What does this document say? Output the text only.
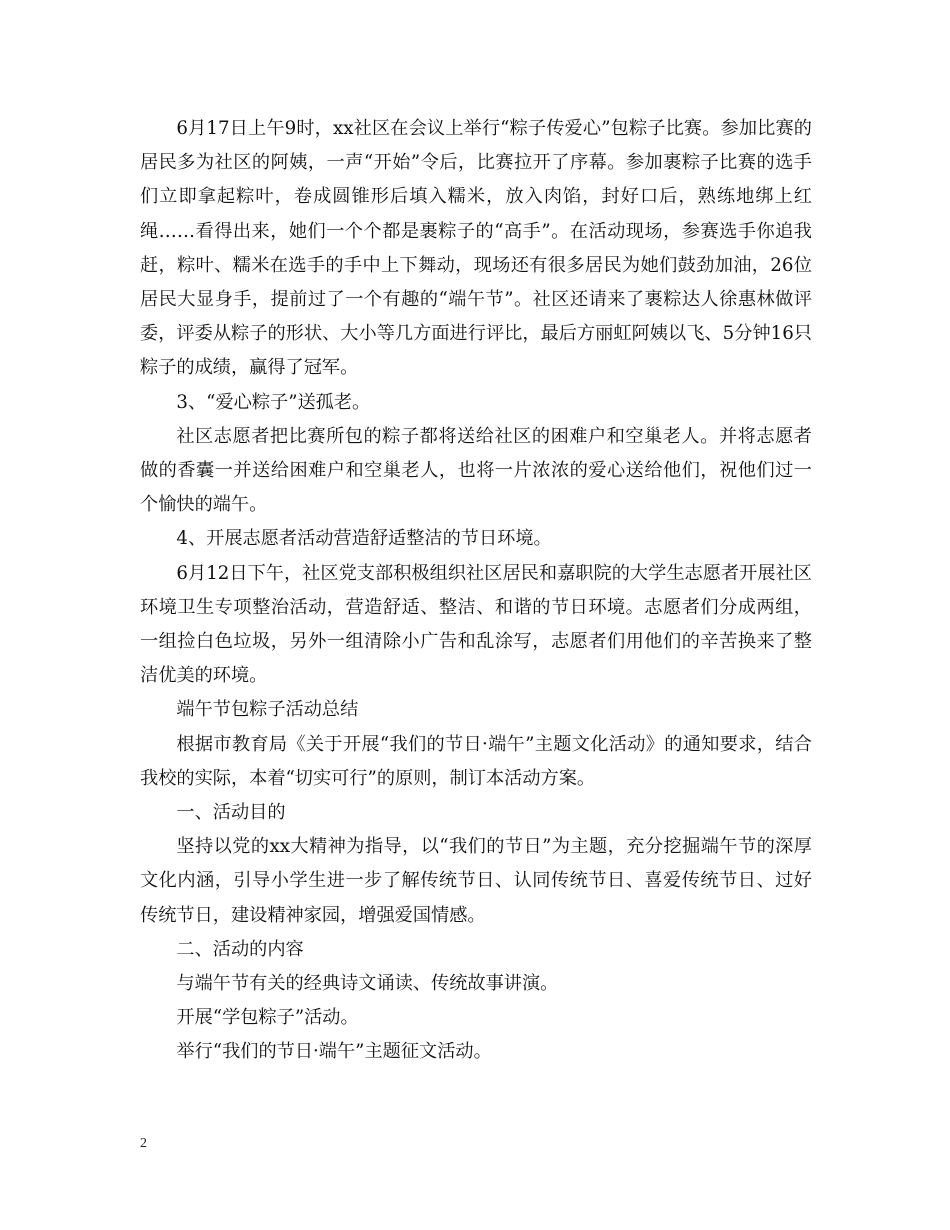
6月17日上午9时，xx社区在会议上举行“粽子传爱心”包粽子比赛。参加比赛的居民多为社区的阿姨，一声“开始”令后，比赛拉开了序幕。参加裹粽子比赛的选手们立即拿起粽叶，卷成圆锥形后填入糯米，放入肉馅，封好口后，熟练地绑上红绳……看得出来，她们一个个都是裹粽子的“高手”。在活动现场，参赛选手你追我赶，粽叶、糯米在选手的手中上下舞动，现场还有很多居民为她们鼓劲加油，26位居民大显身手，提前过了一个有趣的“端午节”。社区还请来了裹粽达人徐惠林做评委，评委从粽子的形状、大小等几方面进行评比，最后方丽虹阿姨以飞、5分钟16只粽子的成绩，赢得了冠军。

3、“爱心粽子”送孤老。

社区志愿者把比赛所包的粽子都将送给社区的困难户和空巢老人。并将志愿者做的香囊一并送给困难户和空巢老人，也将一片浓浓的爱心送给他们，祝他们过一个愉快的端午。

4、开展志愿者活动营造舒适整洁的节日环境。

6月12日下午，社区党支部积极组织社区居民和嘉职院的大学生志愿者开展社区环境卫生专项整治活动，营造舒适、整洁、和谐的节日环境。志愿者们分成两组，一组捡白色垃圾，另外一组清除小广告和乱涂写，志愿者们用他们的辛苦换来了整洁优美的环境。

端午节包粽子活动总结

根据市教育局《关于开展“我们的节日·端午”主题文化活动》的通知要求，结合我校的实际，本着“切实可行”的原则，制订本活动方案。

一、活动目的

坚持以党的xx大精神为指导，以“我们的节日”为主题，充分挖掘端午节的深厚文化内涵，引导小学生进一步了解传统节日、认同传统节日、喜爱传统节日、过好传统节日，建设精神家园，增强爱国情感。

二、活动的内容

与端午节有关的经典诗文诵读、传统故事讲演。

开展“学包粽子”活动。

举行“我们的节日·端午”主题征文活动。

2
